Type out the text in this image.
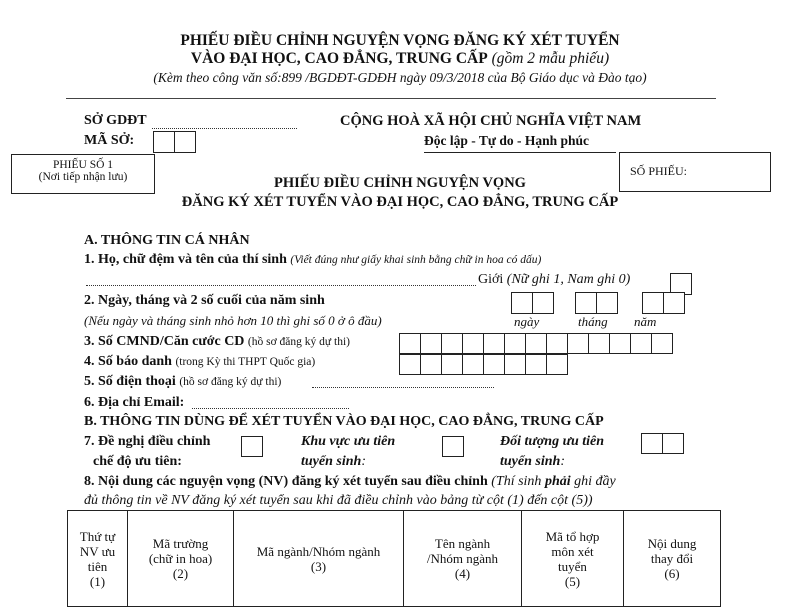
PHIẾU ĐIỀU CHỈNH NGUYỆN VỌNG ĐĂNG KÝ XÉT TUYỂN
VÀO ĐẠI HỌC, CAO ĐẲNG, TRUNG CẤP (gồm 2 mẫu phiếu)
(Kèm theo công văn số:899 /BGDĐT-GDĐH ngày 09/3/2018 của Bộ Giáo dục và Đào tạo)
SỞ GDĐT
MÃ SỞ:
CỘNG HOÀ XÃ HỘI CHỦ NGHĨA VIỆT NAM
Độc lập - Tự do - Hạnh phúc
PHIẾU SỐ 1
(Nơi tiếp nhận lưu)	SỐ PHIẾU:
PHIẾU ĐIỀU CHỈNH NGUYỆN VỌNG
ĐĂNG KÝ XÉT TUYỂN VÀO ĐẠI HỌC, CAO ĐẲNG, TRUNG CẤP
A. THÔNG TIN CÁ NHÂN
1. Họ, chữ đệm và tên của thí sinh (Viết đúng như giấy khai sinh bằng chữ in hoa có dấu)
Giới (Nữ ghi 1, Nam ghi 0)
2. Ngày, tháng và 2 số cuối của năm sinh
(Nếu ngày và tháng sinh nhỏ hơn 10 thì ghi số 0 ở ô đầu)	ngày	tháng năm
3. Số CMND/Căn cước CD (hồ sơ đăng ký dự thi)
4. Số báo danh (trong Kỳ thi THPT Quốc gia)
5. Số điện thoại (hồ sơ đăng ký dự thi)
6. Địa chỉ Email:
B. THÔNG TIN DÙNG ĐỂ XÉT TUYỂN VÀO ĐẠI HỌC, CAO ĐẲNG, TRUNG CẤP
7. Đề nghị điều chỉnh
chế độ ưu tiên:
Khu vực ưu tiên
tuyển sinh:
Đối tượng ưu tiên
tuyển sinh:
8. Nội dung các nguyện vọng (NV) đăng ký xét tuyển sau điều chỉnh (Thí sinh phải ghi đầy
đủ thông tin về NV đăng ký xét tuyển sau khi đã điều chỉnh vào bảng từ cột (1) đến cột (5))
Thứ tự
NV ưu
tiên
(1)

Mã trường
(chữ in hoa)
(2)

Mã ngành/Nhóm ngành
(3)

Tên ngành
/Nhóm ngành
(4)

Mã tổ hợp
môn xét
tuyển
(5)

Nội dung
thay đổi
(6)
